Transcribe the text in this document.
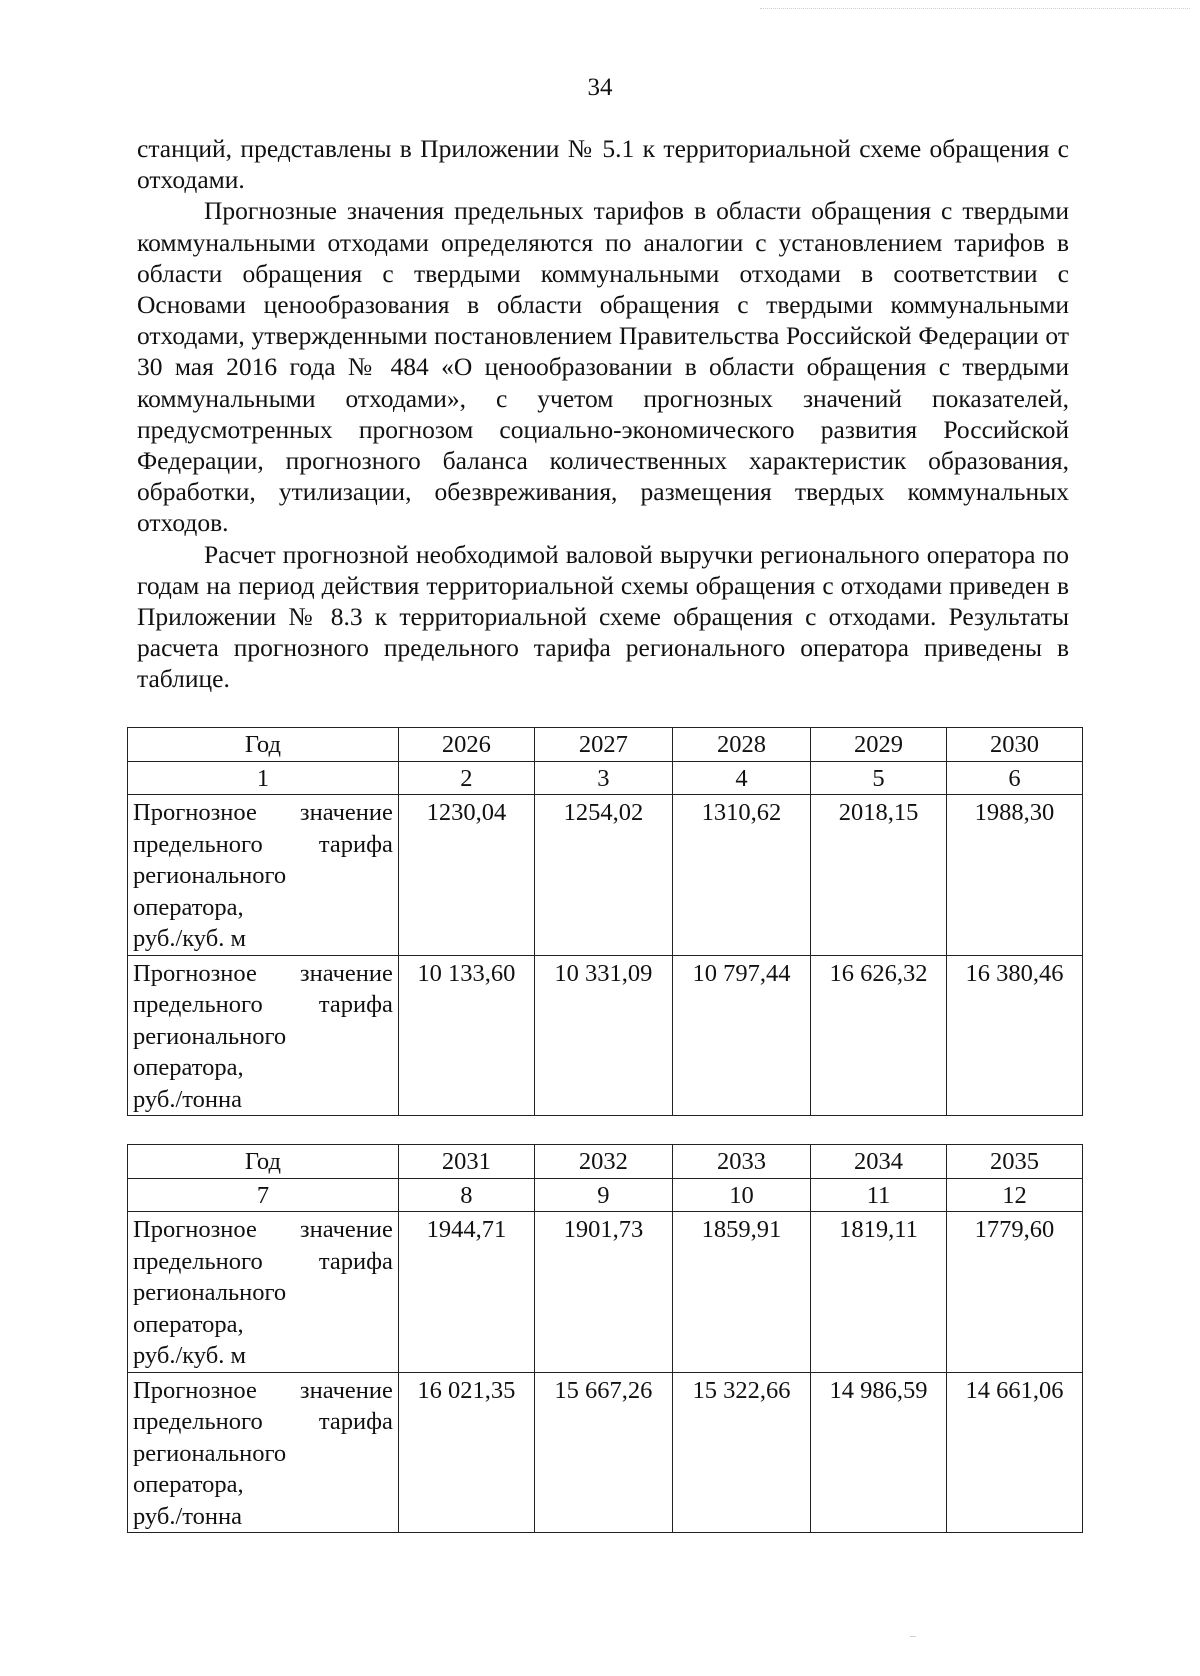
34

станций, представлены в Приложении № 5.1 к территориальной схеме обращения с отходами.

Прогнозные значения предельных тарифов в области обращения с твердыми коммунальными отходами определяются по аналогии с установлением тарифов в области обращения с твердыми коммунальными отходами в соответствии с Основами ценообразования в области обращения с твердыми коммунальными отходами, утвержденными постановлением Правительства Российской Федерации от 30 мая 2016 года № 484 «О ценообразовании в области обращения с твердыми коммунальными отходами», с учетом прогнозных значений показателей, предусмотренных прогнозом социально-экономического развития Российской Федерации, прогнозного баланса количественных характеристик образования, обработки, утилизации, обезвреживания, размещения твердых коммунальных отходов.

Расчет прогнозной необходимой валовой выручки регионального оператора по годам на период действия территориальной схемы обращения с отходами приведен в Приложении № 8.3 к территориальной схеме обращения с отходами. Результаты расчета прогнозного предельного тарифа регионального оператора приведены в таблице.

Год	2026	2027	2028	2029	2030
1	2	3	4	5	6

Прогнозное значение
предельного тарифа
регионального
оператора,
руб./куб. м	1230,04	1254,02	1310,62	2018,15	1988,30

Прогнозное значение
предельного тарифа
регионального
оператора,
руб./тонна	10 133,60	10 331,09	10 797,44	16 626,32	16 380,46
Год	2031	2032	2033	2034	2035
7	8	9	10	11	12

Прогнозное значение
предельного тарифа
регионального
оператора,
руб./куб. м	1944,71	1901,73	1859,91	1819,11	1779,60

Прогнозное значение
предельного тарифа
регионального
оператора,
руб./тонна	16 021,35	15 667,26	15 322,66	14 986,59	14 661,06
